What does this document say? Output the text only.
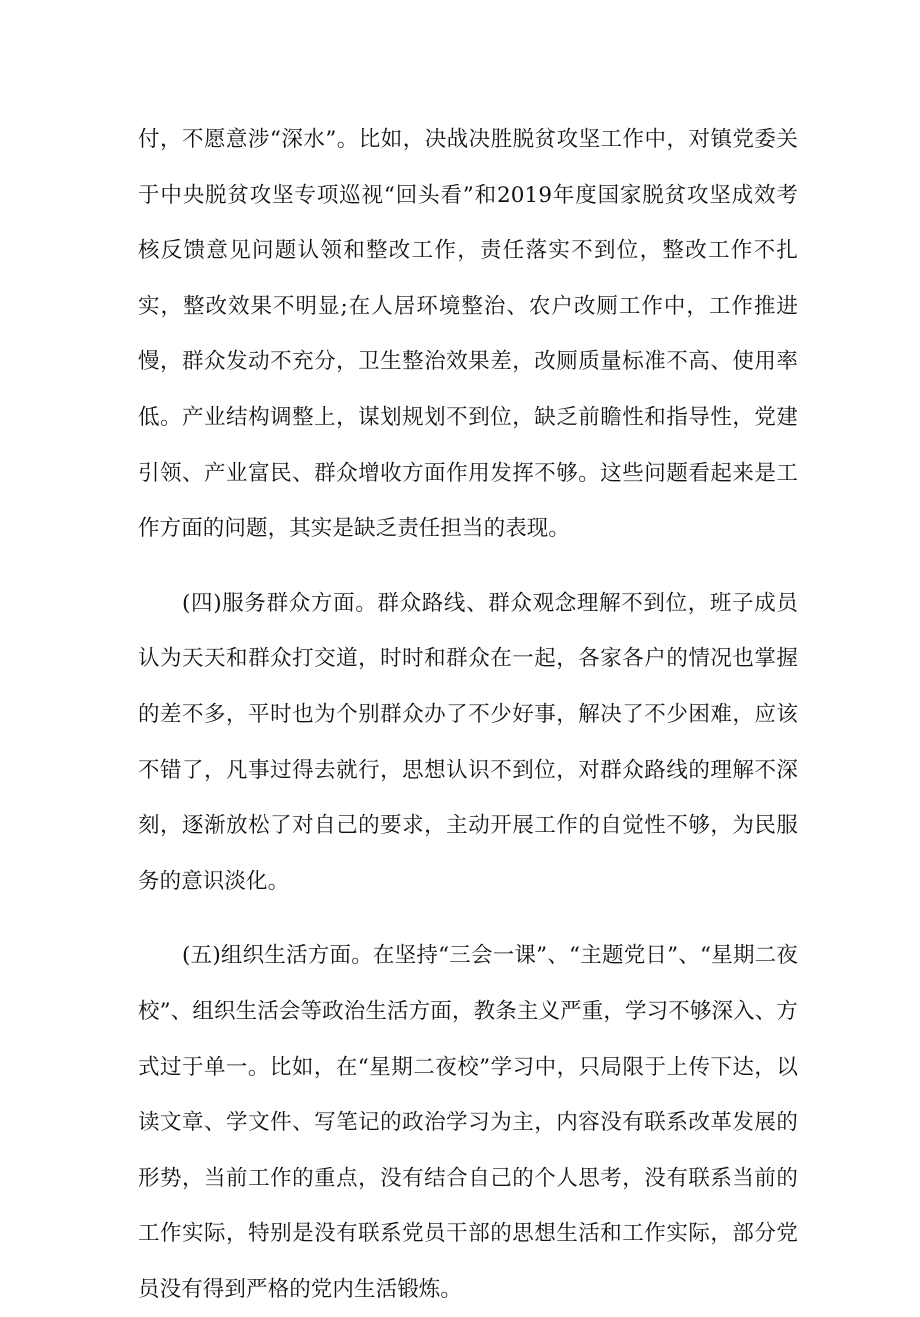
付，不愿意涉“深水”。比如，决战决胜脱贫攻坚工作中，对镇党委关于中央脱贫攻坚专项巡视“回头看”和2019年度国家脱贫攻坚成效考核反馈意见问题认领和整改工作，责任落实不到位，整改工作不扎实，整改效果不明显;在人居环境整治、农户改厕工作中，工作推进慢，群众发动不充分，卫生整治效果差，改厕质量标准不高、使用率低。产业结构调整上，谋划规划不到位，缺乏前瞻性和指导性，党建引领、产业富民、群众增收方面作用发挥不够。这些问题看起来是工作方面的问题，其实是缺乏责任担当的表现。

(四)服务群众方面。群众路线、群众观念理解不到位，班子成员认为天天和群众打交道，时时和群众在一起，各家各户的情况也掌握的差不多，平时也为个别群众办了不少好事，解决了不少困难，应该不错了，凡事过得去就行，思想认识不到位，对群众路线的理解不深刻，逐渐放松了对自己的要求，主动开展工作的自觉性不够，为民服务的意识淡化。

(五)组织生活方面。在坚持“三会一课”、“主题党日”、“星期二夜校”、组织生活会等政治生活方面，教条主义严重，学习不够深入、方式过于单一。比如，在“星期二夜校”学习中，只局限于上传下达，以读文章、学文件、写笔记的政治学习为主，内容没有联系改革发展的形势，当前工作的重点，没有结合自己的个人思考，没有联系当前的工作实际，特别是没有联系党员干部的思想生活和工作实际，部分党员没有得到严格的党内生活锻炼。
